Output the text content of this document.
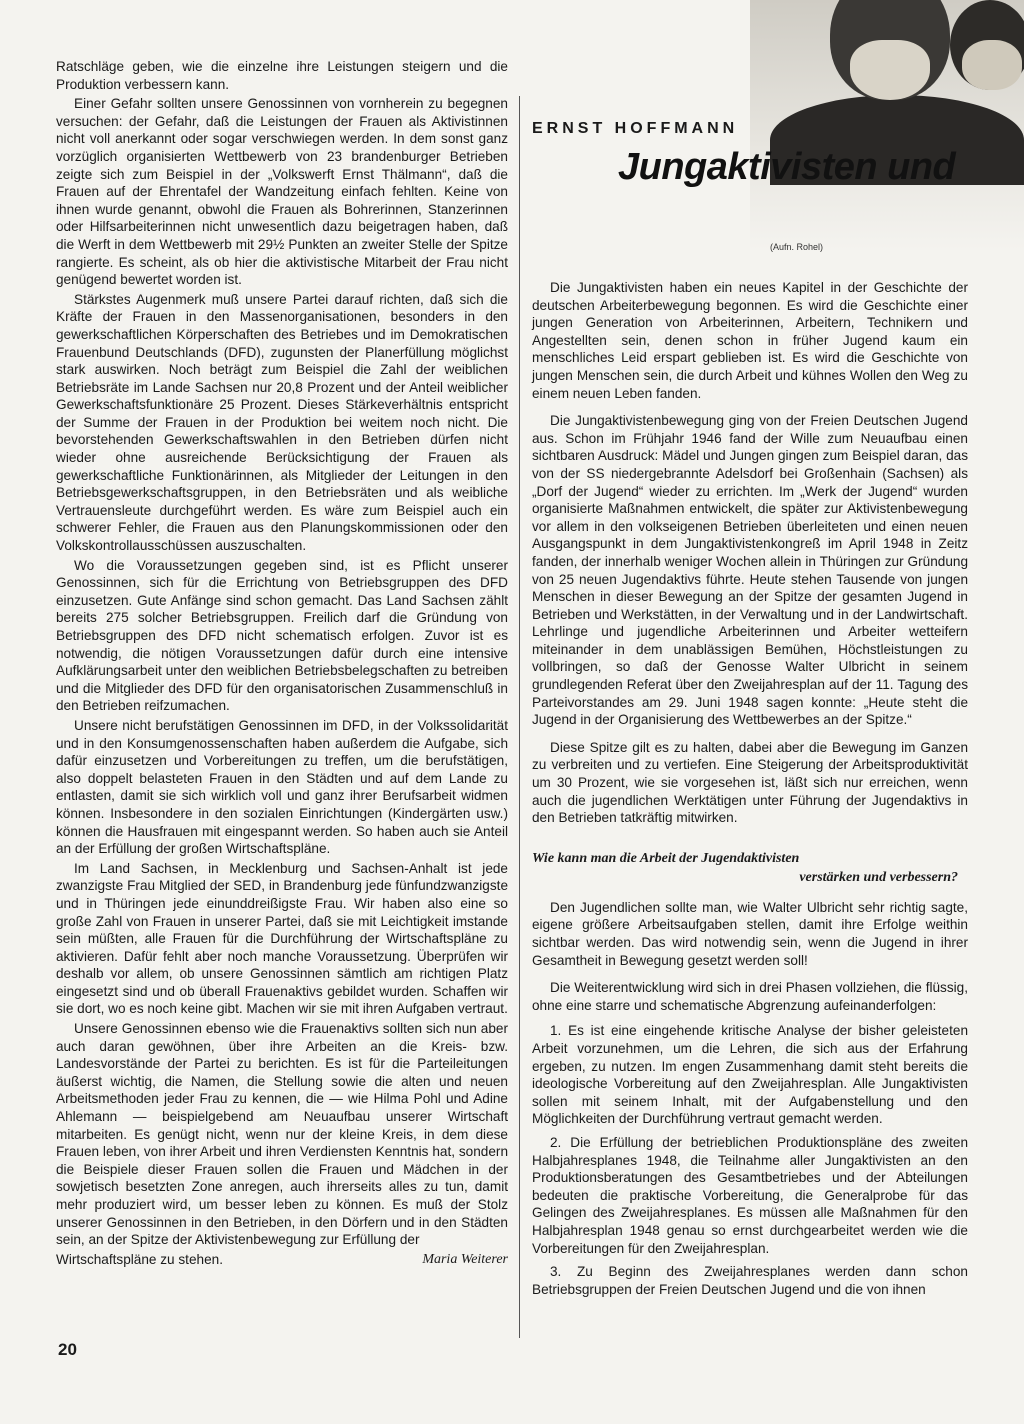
Ratschläge geben, wie die einzelne ihre Leistungen steigern und die Produktion verbessern kann.

Einer Gefahr sollten unsere Genossinnen von vornherein zu begegnen versuchen: der Gefahr, daß die Leistungen der Frauen als Aktivistinnen nicht voll anerkannt oder sogar verschwiegen werden. In dem sonst ganz vorzüglich organisierten Wettbewerb von 23 brandenburger Betrieben zeigte sich zum Beispiel in der „Volkswerft Ernst Thälmann“, daß die Frauen auf der Ehrentafel der Wandzeitung einfach fehlten. Keine von ihnen wurde genannt, obwohl die Frauen als Bohrerinnen, Stanzerinnen oder Hilfsarbeiterinnen nicht unwesentlich dazu beigetragen haben, daß die Werft in dem Wettbewerb mit 29½ Punkten an zweiter Stelle der Spitze rangierte. Es scheint, als ob hier die aktivistische Mitarbeit der Frau nicht genügend bewertet worden ist.

Stärkstes Augenmerk muß unsere Partei darauf richten, daß sich die Kräfte der Frauen in den Massenorganisationen, besonders in den gewerkschaftlichen Körperschaften des Betriebes und im Demokratischen Frauenbund Deutschlands (DFD), zugunsten der Planerfüllung möglichst stark auswirken. Noch beträgt zum Beispiel die Zahl der weiblichen Betriebsräte im Lande Sachsen nur 20,8 Prozent und der Anteil weiblicher Gewerkschaftsfunktionäre 25 Prozent. Dieses Stärkeverhältnis entspricht der Summe der Frauen in der Produktion bei weitem noch nicht. Die bevorstehenden Gewerkschaftswahlen in den Betrieben dürfen nicht wieder ohne ausreichende Berücksichtigung der Frauen als gewerkschaftliche Funktionärinnen, als Mitglieder der Leitungen in den Betriebsgewerkschaftsgruppen, in den Betriebsräten und als weibliche Vertrauensleute durchgeführt werden. Es wäre zum Beispiel auch ein schwerer Fehler, die Frauen aus den Planungskommissionen oder den Volkskontrollausschüssen auszuschalten.

Wo die Voraussetzungen gegeben sind, ist es Pflicht unserer Genossinnen, sich für die Errichtung von Betriebsgruppen des DFD einzusetzen. Gute Anfänge sind schon gemacht. Das Land Sachsen zählt bereits 275 solcher Betriebsgruppen. Freilich darf die Gründung von Betriebsgruppen des DFD nicht schematisch erfolgen. Zuvor ist es notwendig, die nötigen Voraussetzungen dafür durch eine intensive Aufklärungsarbeit unter den weiblichen Betriebsbelegschaften zu betreiben und die Mitglieder des DFD für den organisatorischen Zusammenschluß in den Betrieben reifzumachen.

Unsere nicht berufstätigen Genossinnen im DFD, in der Volkssolidarität und in den Konsumgenossenschaften haben außerdem die Aufgabe, sich dafür einzusetzen und Vorbereitungen zu treffen, um die berufstätigen, also doppelt belasteten Frauen in den Städten und auf dem Lande zu entlasten, damit sie sich wirklich voll und ganz ihrer Berufsarbeit widmen können. Insbesondere in den sozialen Einrichtungen (Kindergärten usw.) können die Hausfrauen mit eingespannt werden. So haben auch sie Anteil an der Erfüllung der großen Wirtschaftspläne.

Im Land Sachsen, in Mecklenburg und Sachsen-Anhalt ist jede zwanzigste Frau Mitglied der SED, in Brandenburg jede fünfundzwanzigste und in Thüringen jede einunddreißigste Frau. Wir haben also eine so große Zahl von Frauen in unserer Partei, daß sie mit Leichtigkeit imstande sein müßten, alle Frauen für die Durchführung der Wirtschaftspläne zu aktivieren. Dafür fehlt aber noch manche Voraussetzung. Überprüfen wir deshalb vor allem, ob unsere Genossinnen sämtlich am richtigen Platz eingesetzt sind und ob überall Frauenaktivs gebildet wurden. Schaffen wir sie dort, wo es noch keine gibt. Machen wir sie mit ihren Aufgaben vertraut.

Unsere Genossinnen ebenso wie die Frauenaktivs sollten sich nun aber auch daran gewöhnen, über ihre Arbeiten an die Kreis- bzw. Landesvorstände der Partei zu berichten. Es ist für die Parteileitungen äußerst wichtig, die Namen, die Stellung sowie die alten und neuen Arbeitsmethoden jeder Frau zu kennen, die — wie Hilma Pohl und Adine Ahlemann — beispielgebend am Neuaufbau unserer Wirtschaft mitarbeiten. Es genügt nicht, wenn nur der kleine Kreis, in dem diese Frauen leben, von ihrer Arbeit und ihren Verdiensten Kenntnis hat, sondern die Beispiele dieser Frauen sollen die Frauen und Mädchen in der sowjetisch besetzten Zone anregen, auch ihrerseits alles zu tun, damit mehr produziert wird, um besser leben zu können. Es muß der Stolz unserer Genossinnen in den Betrieben, in den Dörfern und in den Städten sein, an der Spitze der Aktivistenbewegung zur Erfüllung der

Wirtschaftspläne zu stehen.	Maria Weiterer
ERNST HOFFMANN
Jungaktivisten und
(Aufn. Rohel)

Die Jungaktivisten haben ein neues Kapitel in der Geschichte der deutschen Arbeiterbewegung begonnen. Es wird die Geschichte einer jungen Generation von Arbeiterinnen, Arbeitern, Technikern und Angestellten sein, denen schon in früher Jugend kaum ein menschliches Leid erspart geblieben ist. Es wird die Geschichte von jungen Menschen sein, die durch Arbeit und kühnes Wollen den Weg zu einem neuen Leben fanden.

Die Jungaktivistenbewegung ging von der Freien Deutschen Jugend aus. Schon im Frühjahr 1946 fand der Wille zum Neuaufbau einen sichtbaren Ausdruck: Mädel und Jungen gingen zum Beispiel daran, das von der SS niedergebrannte Adelsdorf bei Großenhain (Sachsen) als „Dorf der Jugend“ wieder zu errichten. Im „Werk der Jugend“ wurden organisierte Maßnahmen entwickelt, die später zur Aktivistenbewegung vor allem in den volkseigenen Betrieben überleiteten und einen neuen Ausgangspunkt in dem Jungaktivistenkongreß im April 1948 in Zeitz fanden, der innerhalb weniger Wochen allein in Thüringen zur Gründung von 25 neuen Jugendaktivs führte. Heute stehen Tausende von jungen Menschen in dieser Bewegung an der Spitze der gesamten Jugend in Betrieben und Werkstätten, in der Verwaltung und in der Landwirtschaft. Lehrlinge und jugendliche Arbeiterinnen und Arbeiter wetteifern miteinander in dem unablässigen Bemühen, Höchstleistungen zu vollbringen, so daß der Genosse Walter Ulbricht in seinem grundlegenden Referat über den Zweijahresplan auf der 11. Tagung des Parteivorstandes am 29. Juni 1948 sagen konnte: „Heute steht die Jugend in der Organisierung des Wettbewerbes an der Spitze.“

Diese Spitze gilt es zu halten, dabei aber die Bewegung im Ganzen zu verbreiten und zu vertiefen. Eine Steigerung der Arbeitsproduktivität um 30 Prozent, wie sie vorgesehen ist, läßt sich nur erreichen, wenn auch die jugendlichen Werktätigen unter Führung der Jugendaktivs in den Betrieben tatkräftig mitwirken.

Wie kann man die Arbeit der Jugendaktivisten
verstärken und verbessern?

Den Jugendlichen sollte man, wie Walter Ulbricht sehr richtig sagte, eigene größere Arbeitsaufgaben stellen, damit ihre Erfolge weithin sichtbar werden. Das wird notwendig sein, wenn die Jugend in ihrer Gesamtheit in Bewegung gesetzt werden soll!

Die Weiterentwicklung wird sich in drei Phasen vollziehen, die flüssig, ohne eine starre und schematische Abgrenzung aufeinanderfolgen:

1. Es ist eine eingehende kritische Analyse der bisher geleisteten Arbeit vorzunehmen, um die Lehren, die sich aus der Erfahrung ergeben, zu nutzen. Im engen Zusammenhang damit steht bereits die ideologische Vorbereitung auf den Zweijahresplan. Alle Jungaktivisten sollen mit seinem Inhalt, mit der Aufgabenstellung und den Möglichkeiten der Durchführung vertraut gemacht werden.
2. Die Erfüllung der betrieblichen Produktionspläne des zweiten Halbjahresplanes 1948, die Teilnahme aller Jungaktivisten an den Produktionsberatungen des Gesamtbetriebes und der Abteilungen bedeuten die praktische Vorbereitung, die Generalprobe für das Gelingen des Zweijahresplanes. Es müssen alle Maßnahmen für den Halbjahresplan 1948 genau so ernst durchgearbeitet werden wie die Vorbereitungen für den Zweijahresplan.
3. Zu Beginn des Zweijahresplanes werden dann schon Betriebsgruppen der Freien Deutschen Jugend und die von ihnen
20
